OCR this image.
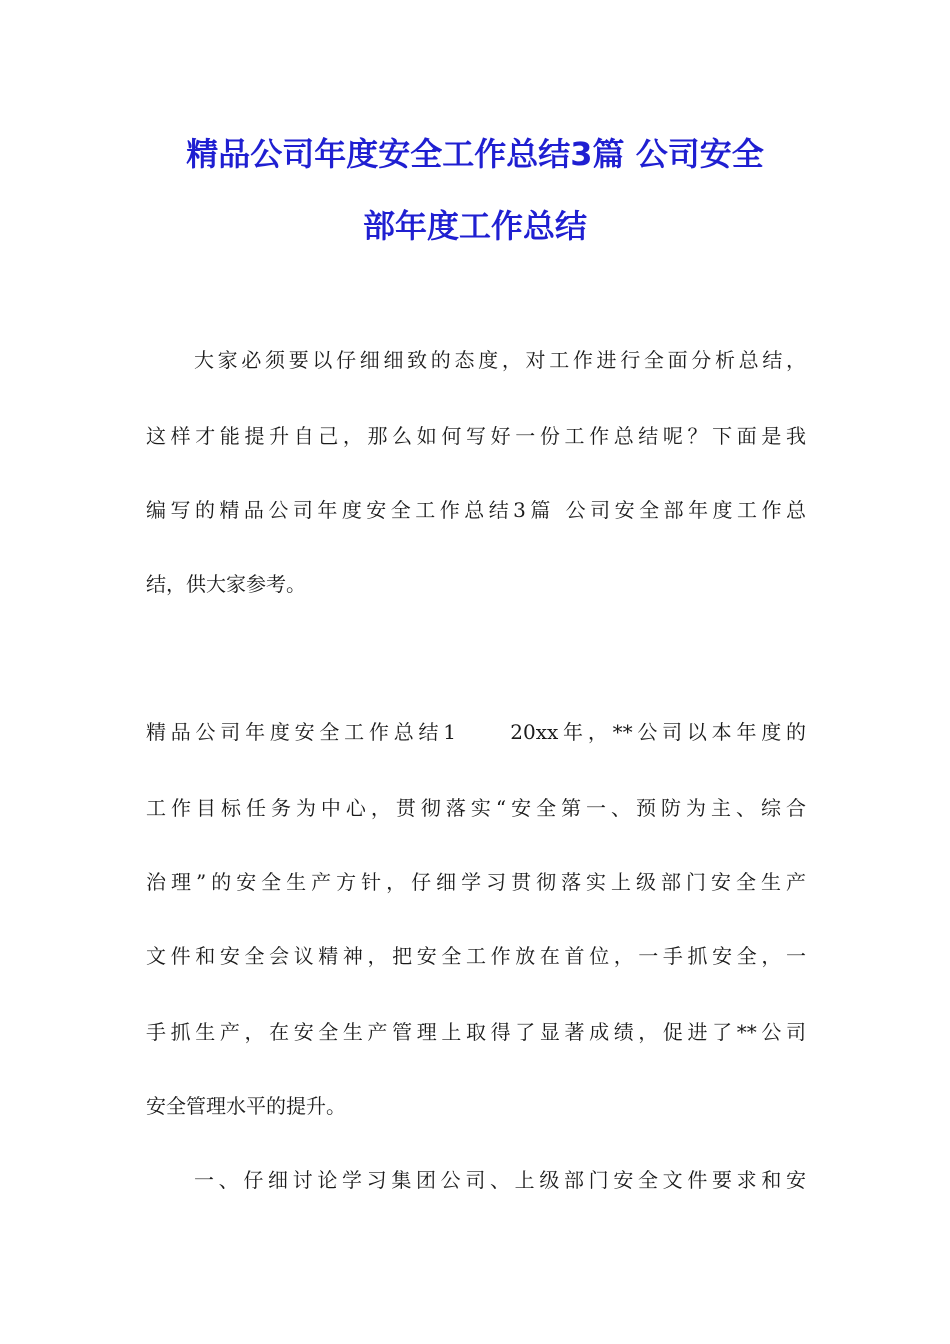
精品公司年度安全工作总结3篇 公司安全
部年度工作总结
大家必须要以仔细细致的态度，对工作进行全面分析总结，
这样才能提升自己，那么如何写好一份工作总结呢？下面是我
编写的精品公司年度安全工作总结3篇 公司安全部年度工作总
结，供大家参考。
精品公司年度安全工作总结1　　20xx年，**公司以本年度的
工作目标任务为中心，贯彻落实“安全第一、预防为主、综合
治理”的安全生产方针，仔细学习贯彻落实上级部门安全生产
文件和安全会议精神，把安全工作放在首位，一手抓安全，一
手抓生产，在安全生产管理上取得了显著成绩，促进了**公司
安全管理水平的提升。
一、仔细讨论学习集团公司、上级部门安全文件要求和安
